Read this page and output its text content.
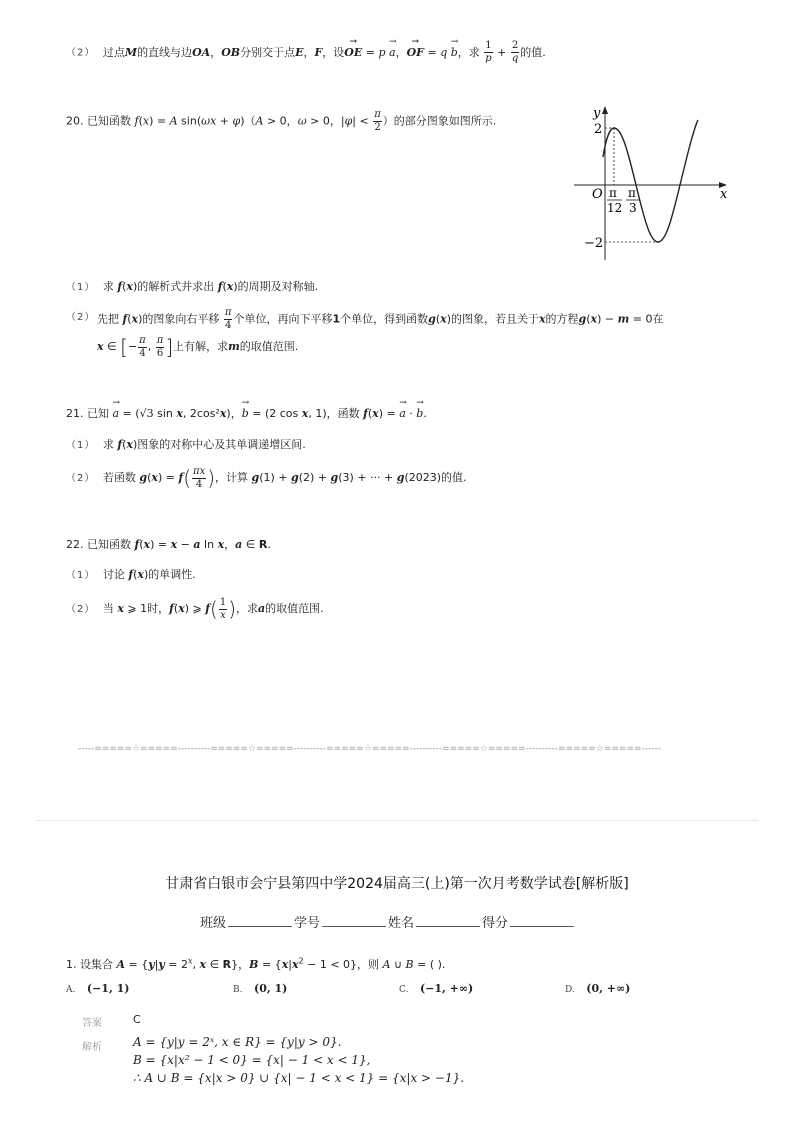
（2） 过点M的直线与边OA，OB分别交于点E，F，设→ OE = p → a，→ OF = q → b，求 $\frac{1}{p} + \frac{2}{q}$ 的值.
20. 已知函数 f(x) = A sin(ωx + φ)（A > 0，ω > 0，$|\varphi| < \frac{\pi}{2}$ ）的部分图象如图所示.	y
x
O
2
−2
π
12
π
3
（1） 求 f(x)的解析式并求出 f(x)的周期及对称轴.
（2） 先把 f(x)的图象向右平移 $\frac{\pi}{4}$ 个单位，再向下平移1个单位，得到函数g(x)的图象，若且关于x的方程g(x) − m = 0在
x ∈ [− $\frac{\pi}{4}$ , $\frac{\pi}{6}$ ]上有解，求m的取值范围.
21. 已知 → a = (√3 sin x, 2cos²x)，→ b = (2 cos x, 1)，函数 f(x) = → a · → b.
（1） 求 f(x)图象的对称中心及其单调递增区间.
（2） 若函数 $g(x) = f( \frac{\pi x}{4}$ )，计算 g(1) + g(2) + g(3) + ··· + g(2023)的值.
22. 已知函数 f(x) = x − a ln x，a ∈ R.
（1） 讨论 f(x)的单调性.
（2） 当 x ⩾ 1时，f(x) ⩾ $f( \frac{1}{x}$ )，求a的取值范围.
-----=====☆=====----------=====☆=====----------=====☆=====----------=====☆=====----------=====☆=====------
甘肃省白银市会宁县第四中学2024届高三(上)第一次月考数学试卷[解析版]
班级	学号	姓名	得分
1. 设集合 $A = \{y|y = 2^x$, x ∈ R}，$B = \{x|x^2 - 1 < 0\}$，则 A ∪ B = ( ).
A. (−1, 1)	B. (0, 1)	C. (−1, +∞)	D. (0, +∞)
答案	C
解析	A = {y|y = 2ˣ, x ∈ R} = {y|y > 0}.
B = {x|x² − 1 < 0} = {x| − 1 < x < 1},
∴ A ∪ B = {x|x > 0} ∪ {x| − 1 < x < 1} = {x|x > −1}.
